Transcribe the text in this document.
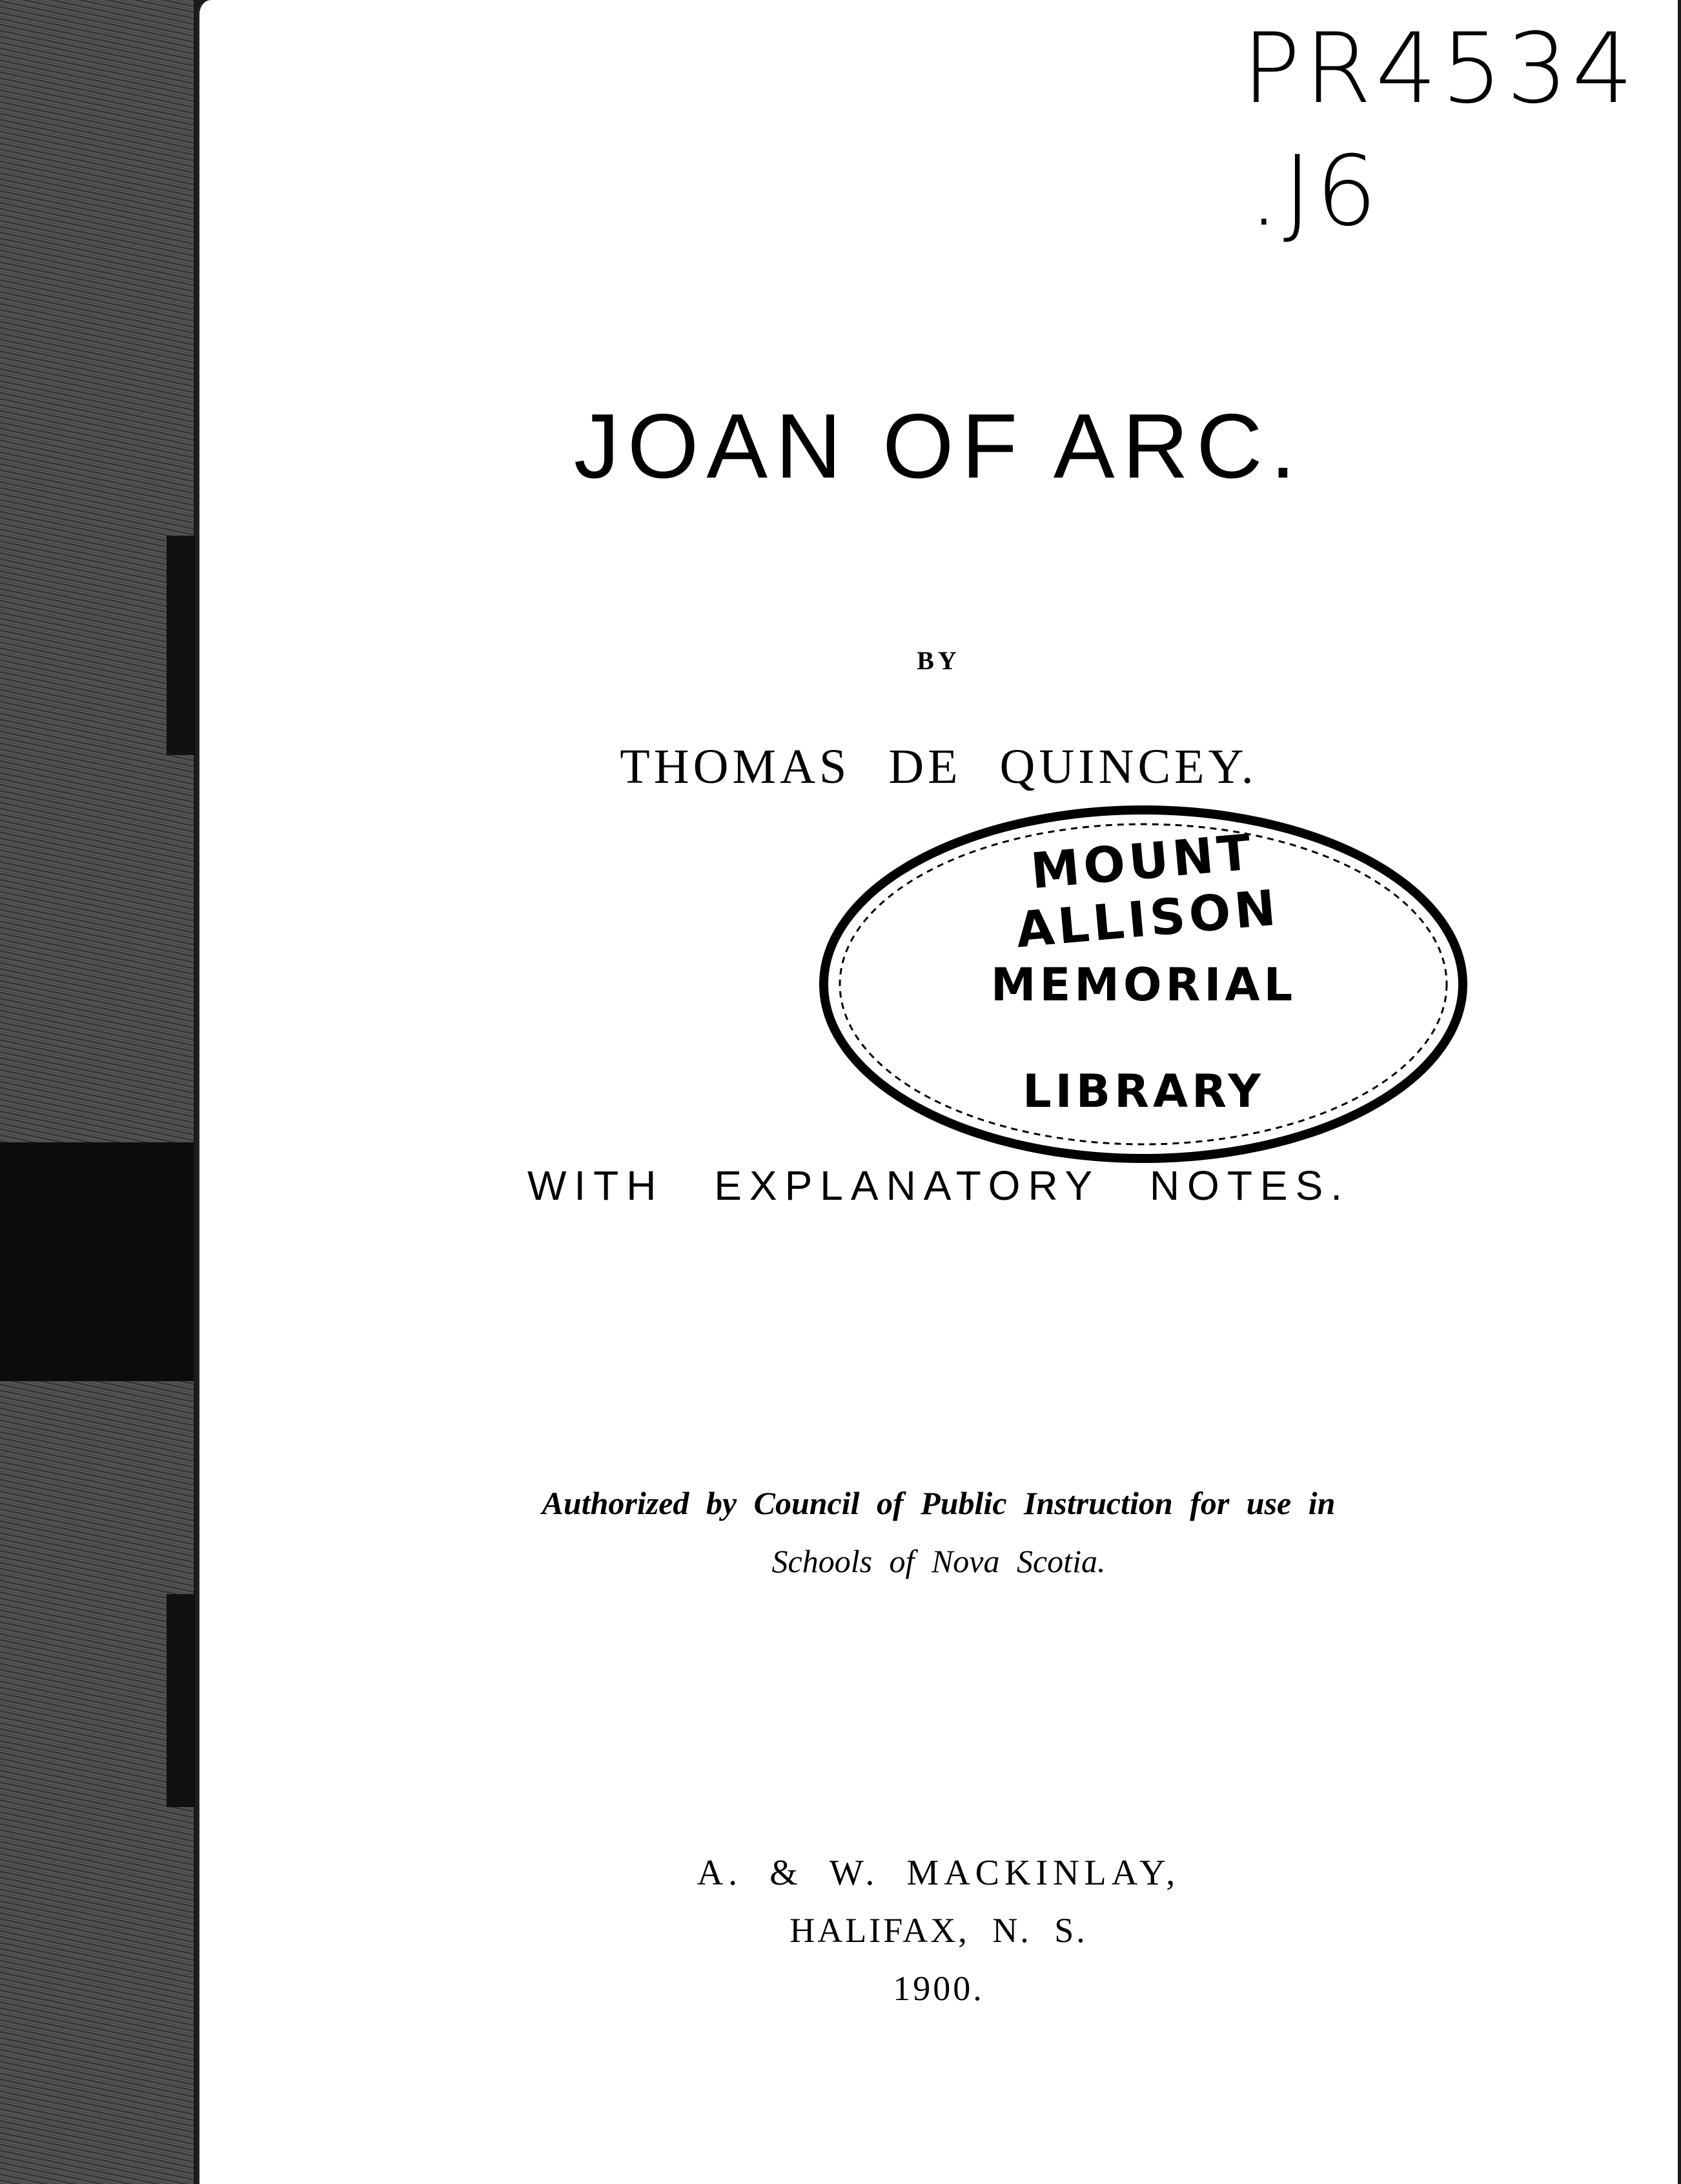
PR4534
.J6
JOAN OF ARC.
BY
THOMAS DE QUINCEY.
WITH EXPLANATORY NOTES.
Authorized by Council of Public Instruction for use in
Schools of Nova Scotia.
A. & W. MACKINLAY,
HALIFAX, N. S.
1900.
MOUNT ALLISON
MEMORIAL
LIBRARY
